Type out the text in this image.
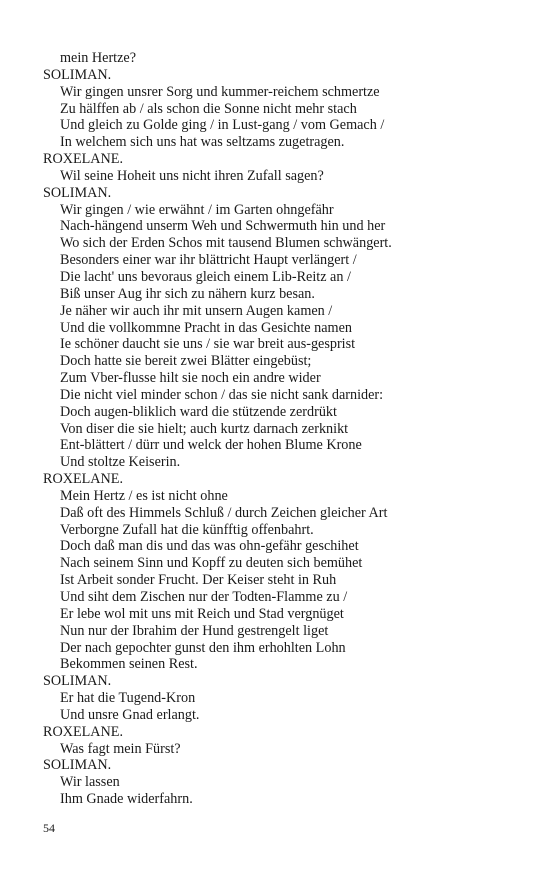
mein Hertze?
SOLIMAN.
Wir gingen unsrer Sorg und kummer-reichem schmertze
Zu hälffen ab / als schon die Sonne nicht mehr stach
Und gleich zu Golde ging / in Lust-gang / vom Gemach /
In welchem sich uns hat was seltzams zugetragen.
ROXELANE.
Wil seine Hoheit uns nicht ihren Zufall sagen?
SOLIMAN.
Wir gingen / wie erwähnt / im Garten ohngefähr
Nach-hängend unserm Weh und Schwermuth hin und her
Wo sich der Erden Schos mit tausend Blumen schwängert.
Besonders einer war ihr blättricht Haupt verlängert /
Die lacht' uns bevoraus gleich einem Lib-Reitz an /
Biß unser Aug ihr sich zu nähern kurz besan.
Je näher wir auch ihr mit unsern Augen kamen /
Und die vollkommne Pracht in das Gesichte namen
Ie schöner daucht sie uns / sie war breit aus-gesprist
Doch hatte sie bereit zwei Blätter eingebüst;
Zum Vber-flusse hilt sie noch ein andre wider
Die nicht viel minder schon / das sie nicht sank darnider:
Doch augen-bliklich ward die stützende zerdrükt
Von diser die sie hielt; auch kurtz darnach zerknikt
Ent-blättert / dürr und welck der hohen Blume Krone
Und stoltze Keiserin.
ROXELANE.
Mein Hertz / es ist nicht ohne
Daß oft des Himmels Schluß / durch Zeichen gleicher Art
Verborgne Zufall hat die künfftig offenbahrt.
Doch daß man dis und das was ohn-gefähr geschihet
Nach seinem Sinn und Kopff zu deuten sich bemühet
Ist Arbeit sonder Frucht. Der Keiser steht in Ruh
Und siht dem Zischen nur der Todten-Flamme zu /
Er lebe wol mit uns mit Reich und Stad vergnüget
Nun nur der Ibrahim der Hund gestrengelt liget
Der nach gepochter gunst den ihm erhohlten Lohn
Bekommen seinen Rest.
SOLIMAN.
Er hat die Tugend-Kron
Und unsre Gnad erlangt.
ROXELANE.
Was fagt mein Fürst?
SOLIMAN.
Wir lassen
Ihm Gnade widerfahrn.
54
